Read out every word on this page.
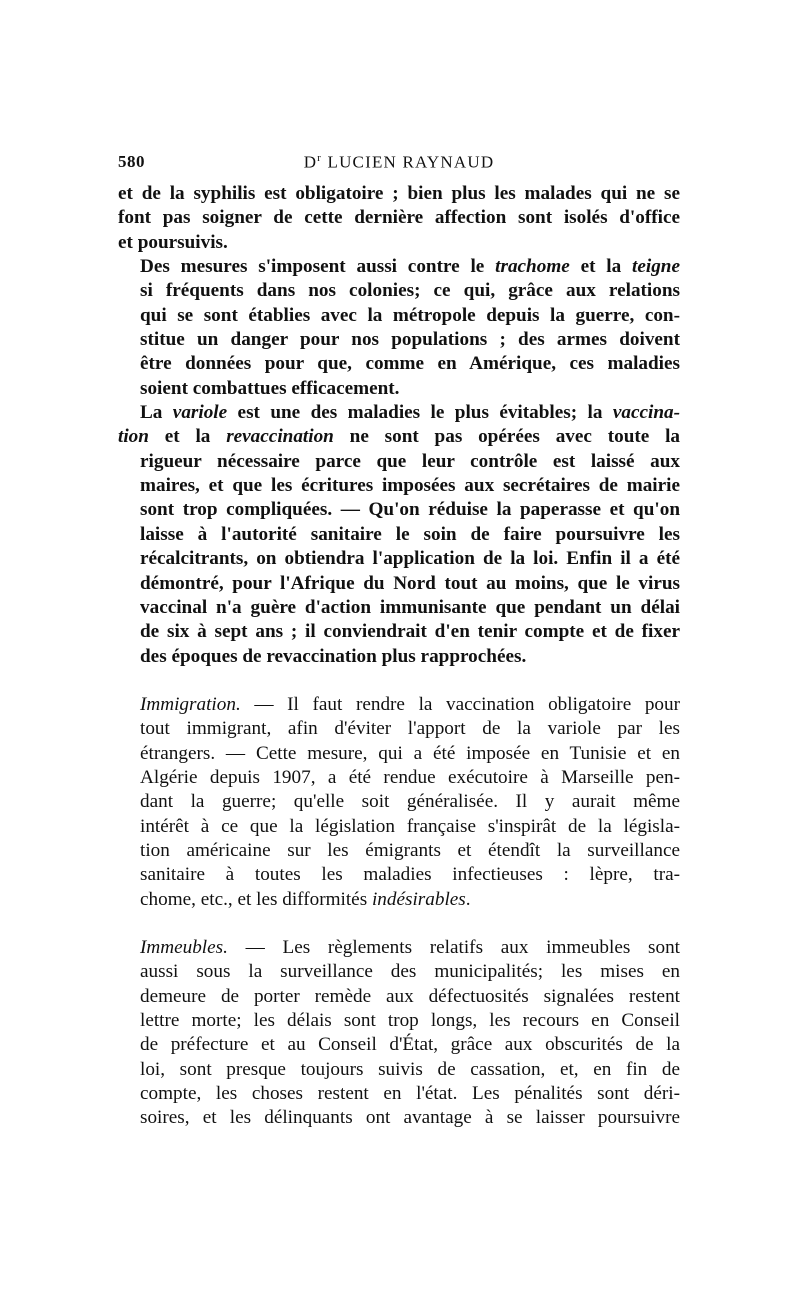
580	$D^r$ LUCIEN RAYNAUD

et de la syphilis est obligatoire ; bien plus les malades qui ne se
font pas soigner de cette dernière affection sont isolés d'office
et poursuivis.

Des mesures s'imposent aussi contre le trachome et la teigne
si fréquents dans nos colonies; ce qui, grâce aux relations
qui se sont établies avec la métropole depuis la guerre, con-
stitue un danger pour nos populations ; des armes doivent
être données pour que, comme en Amérique, ces maladies
soient combattues efficacement.

La variole est une des maladies le plus évitables; la vaccina-
tion et la revaccination ne sont pas opérées avec toute la
rigueur nécessaire parce que leur contrôle est laissé aux
maires, et que les écritures imposées aux secrétaires de mairie
sont trop compliquées. — Qu'on réduise la paperasse et qu'on
laisse à l'autorité sanitaire le soin de faire poursuivre les
récalcitrants, on obtiendra l'application de la loi. Enfin il a été
démontré, pour l'Afrique du Nord tout au moins, que le virus
vaccinal n'a guère d'action immunisante que pendant un délai
de six à sept ans ; il conviendrait d'en tenir compte et de fixer
des époques de revaccination plus rapprochées.

Immigration. — Il faut rendre la vaccination obligatoire pour
tout immigrant, afin d'éviter l'apport de la variole par les
étrangers. — Cette mesure, qui a été imposée en Tunisie et en
Algérie depuis 1907, a été rendue exécutoire à Marseille pen-
dant la guerre; qu'elle soit généralisée. Il y aurait même
intérêt à ce que la législation française s'inspirât de la législa-
tion américaine sur les émigrants et étendît la surveillance
sanitaire à toutes les maladies infectieuses : lèpre, tra-
chome, etc., et les difformités indésirables.

Immeubles. — Les règlements relatifs aux immeubles sont
aussi sous la surveillance des municipalités; les mises en
demeure de porter remède aux défectuosités signalées restent
lettre morte; les délais sont trop longs, les recours en Conseil
de préfecture et au Conseil d'État, grâce aux obscurités de la
loi, sont presque toujours suivis de cassation, et, en fin de
compte, les choses restent en l'état. Les pénalités sont déri-
soires, et les délinquants ont avantage à se laisser poursuivre
